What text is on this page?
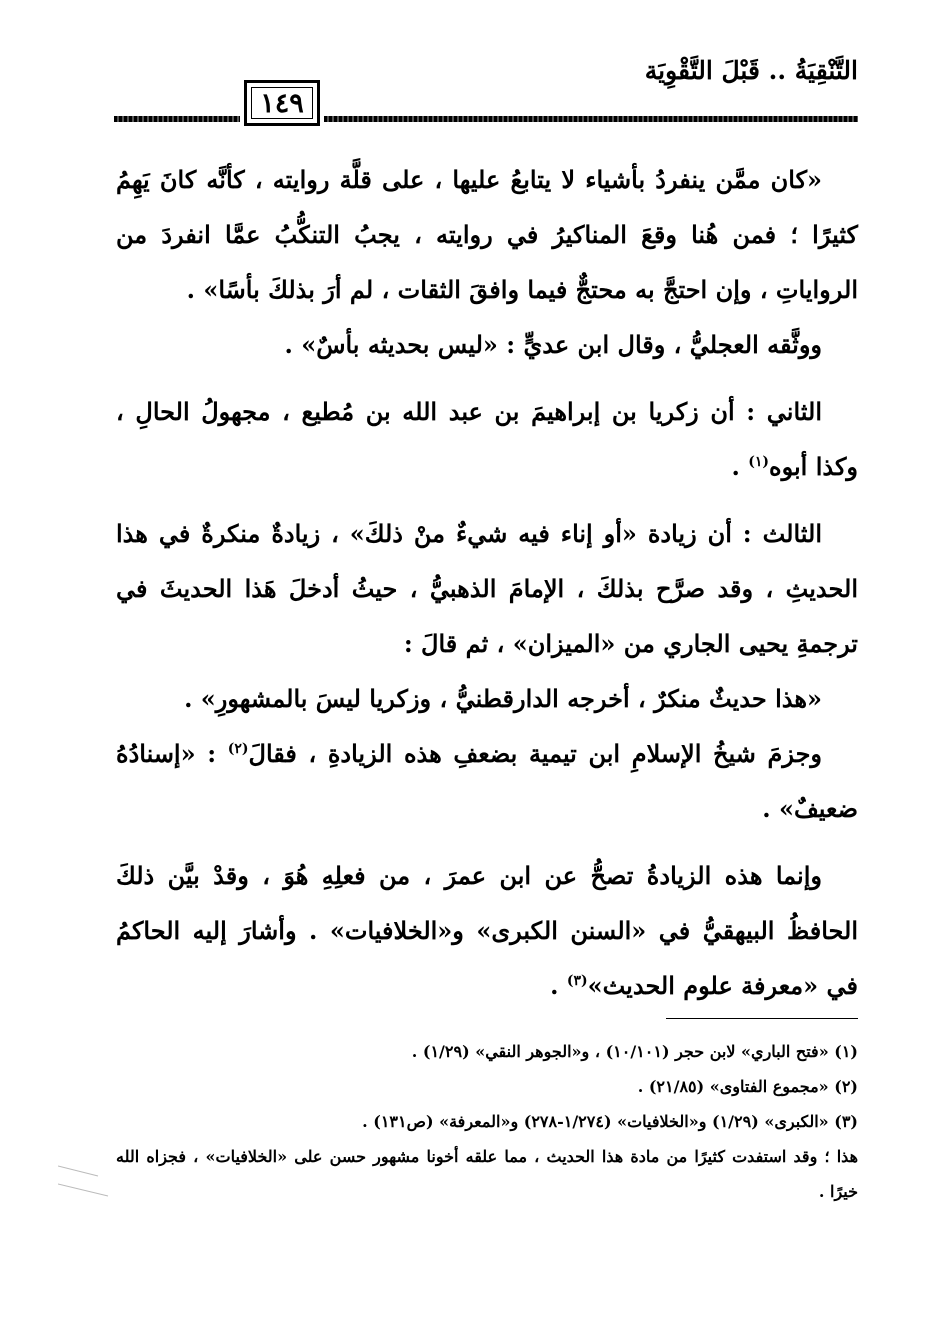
التَّنْقِيَةُ .. قَبْلَ التَّقْوِيَة
١٤٩

«كان ممَّن ينفردُ بأشياء لا يتابعُ عليها ، على قلَّة روايته ، كأنَّه كانَ يَهِمُ كثيرًا ؛ فمن هُنا وقعَ المناكيرُ في روايته ، يجبُ التنكُّبُ عمَّا انفردَ من الرواياتِ ، وإن احتجَّ به محتجٌّ فيما وافقَ الثقات ، لم أرَ بذلكَ بأسًا» .

ووثَّقه العجليُّ ، وقال ابن عديٍّ : «ليس بحديثه بأسٌ» .

الثاني : أن زكريا بن إبراهيمَ بن عبد الله بن مُطيع ، مجهولُ الحالِ ، وكذا أبوه$^{(١)}$ .

الثالث : أن زيادة «أو إناء فيه شيءٌ منْ ذلكَ» ، زيادةٌ منكرةٌ في هذا الحديثِ ، وقد صرَّح بذلكَ ، الإمامَ الذهبيُّ ، حيثُ أدخلَ هَذا الحديثَ في ترجمةِ يحيى الجاري من «الميزان» ، ثم قالَ :

«هذا حديثٌ منكرٌ ، أخرجه الدارقطنيُّ ، وزكريا ليسَ بالمشهورِ» .

وجزمَ شيخُ الإسلامِ ابن تيمية بضعفِ هذه الزيادةِ ، فقالَ$^{(٢)}$ : «إسنادُهُ ضعيفٌ» .

وإنما هذه الزيادةُ تصحُّ عن ابن عمرَ ، من فعلِهِ هُوَ ، وقدْ بيَّن ذلكَ الحافظُ البيهقيُّ في «السنن الكبرى» و«الخلافيات» . وأشارَ إليه الحاكمُ في «معرفة علوم الحديث»$^{(٣)}$ .

(١) «فتح الباري» لابن حجر (١٠/١٠١) ، و«الجوهر النقي» (١/٢٩) .

(٢) «مجموع الفتاوى» (٢١/٨٥) .

(٣) «الكبرى» (١/٢٩) و«الخلافيات» (١/٢٧٤-٢٧٨) و«المعرفة» (ص١٣١) .

هذا ؛ وقد استفدت كثيرًا من مادة هذا الحديث ، مما علقه أخونا مشهور حسن على «الخلافيات» ، فجزاه الله خيرًا .
